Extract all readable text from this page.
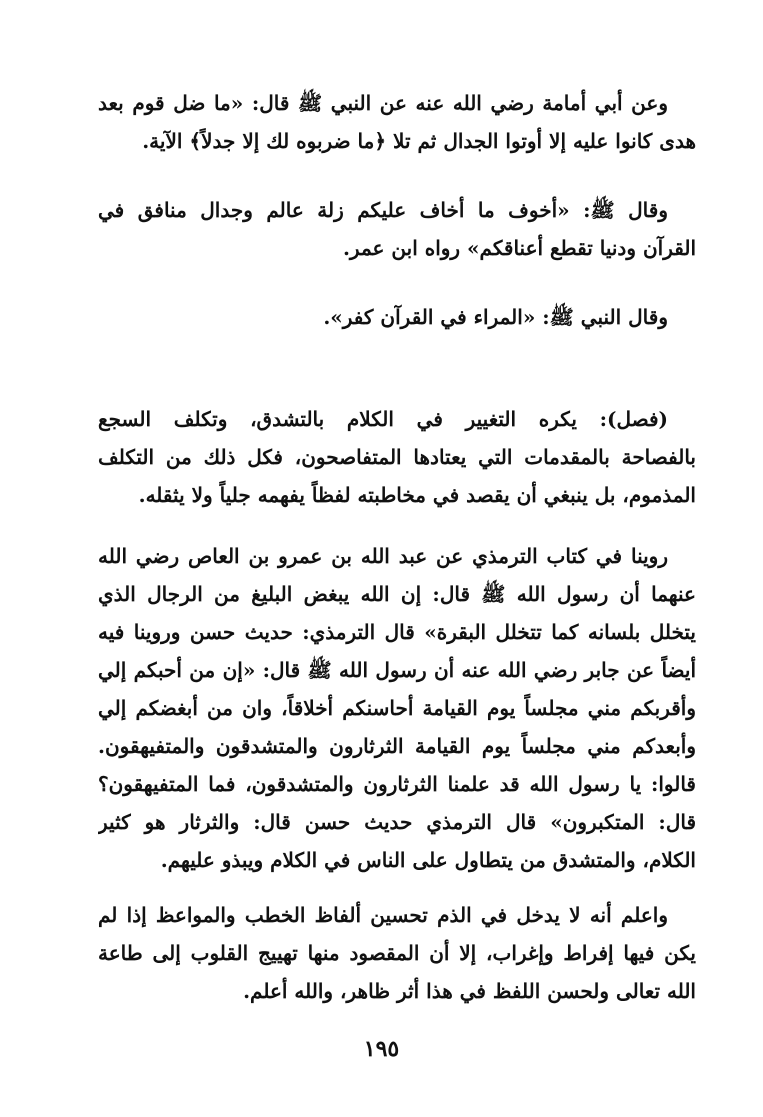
وعن أبي أمامة رضي الله عنه عن النبي ﷺ قال: «ما ضل قوم بعد
هدى كانوا عليه إلا أوتوا الجدال ثم تلا ﴿ما ضربوه لك إلا جدلاً﴾ الآية.
وقال ﷺ: «أخوف ما أخاف عليكم زلة عالم وجدال منافق في
القرآن ودنيا تقطع أعناقكم» رواه ابن عمر.
وقال النبي ﷺ: «المراء في القرآن كفر».
(فصل): يكره التغيير في الكلام بالتشدق، وتكلف السجع
بالفصاحة بالمقدمات التي يعتادها المتفاصحون، فكل ذلك من التكلف
المذموم، بل ينبغي أن يقصد في مخاطبته لفظاً يفهمه جلياً ولا يثقله.
روينا في كتاب الترمذي عن عبد الله بن عمرو بن العاص رضي الله
عنهما أن رسول الله ﷺ قال: إن الله يبغض البليغ من الرجال الذي
يتخلل بلسانه كما تتخلل البقرة» قال الترمذي: حديث حسن وروينا فيه
أيضاً عن جابر رضي الله عنه أن رسول الله ﷺ قال: «إن من أحبكم إلي
وأقربكم مني مجلساً يوم القيامة أحاسنكم أخلاقاً، وان من أبغضكم إلي
وأبعدكم مني مجلساً يوم القيامة الثرثارون والمتشدقون والمتفيهقون.
قالوا: يا رسول الله قد علمنا الثرثارون والمتشدقون، فما المتفيهقون؟
قال: المتكبرون» قال الترمذي حديث حسن قال: والثرثار هو كثير
الكلام، والمتشدق من يتطاول على الناس في الكلام ويبذو عليهم.
واعلم أنه لا يدخل في الذم تحسين ألفاظ الخطب والمواعظ إذا لم
يكن فيها إفراط وإغراب، إلا أن المقصود منها تهييج القلوب إلى طاعة
الله تعالى ولحسن اللفظ في هذا أثر ظاهر، والله أعلم.
١٩٥
